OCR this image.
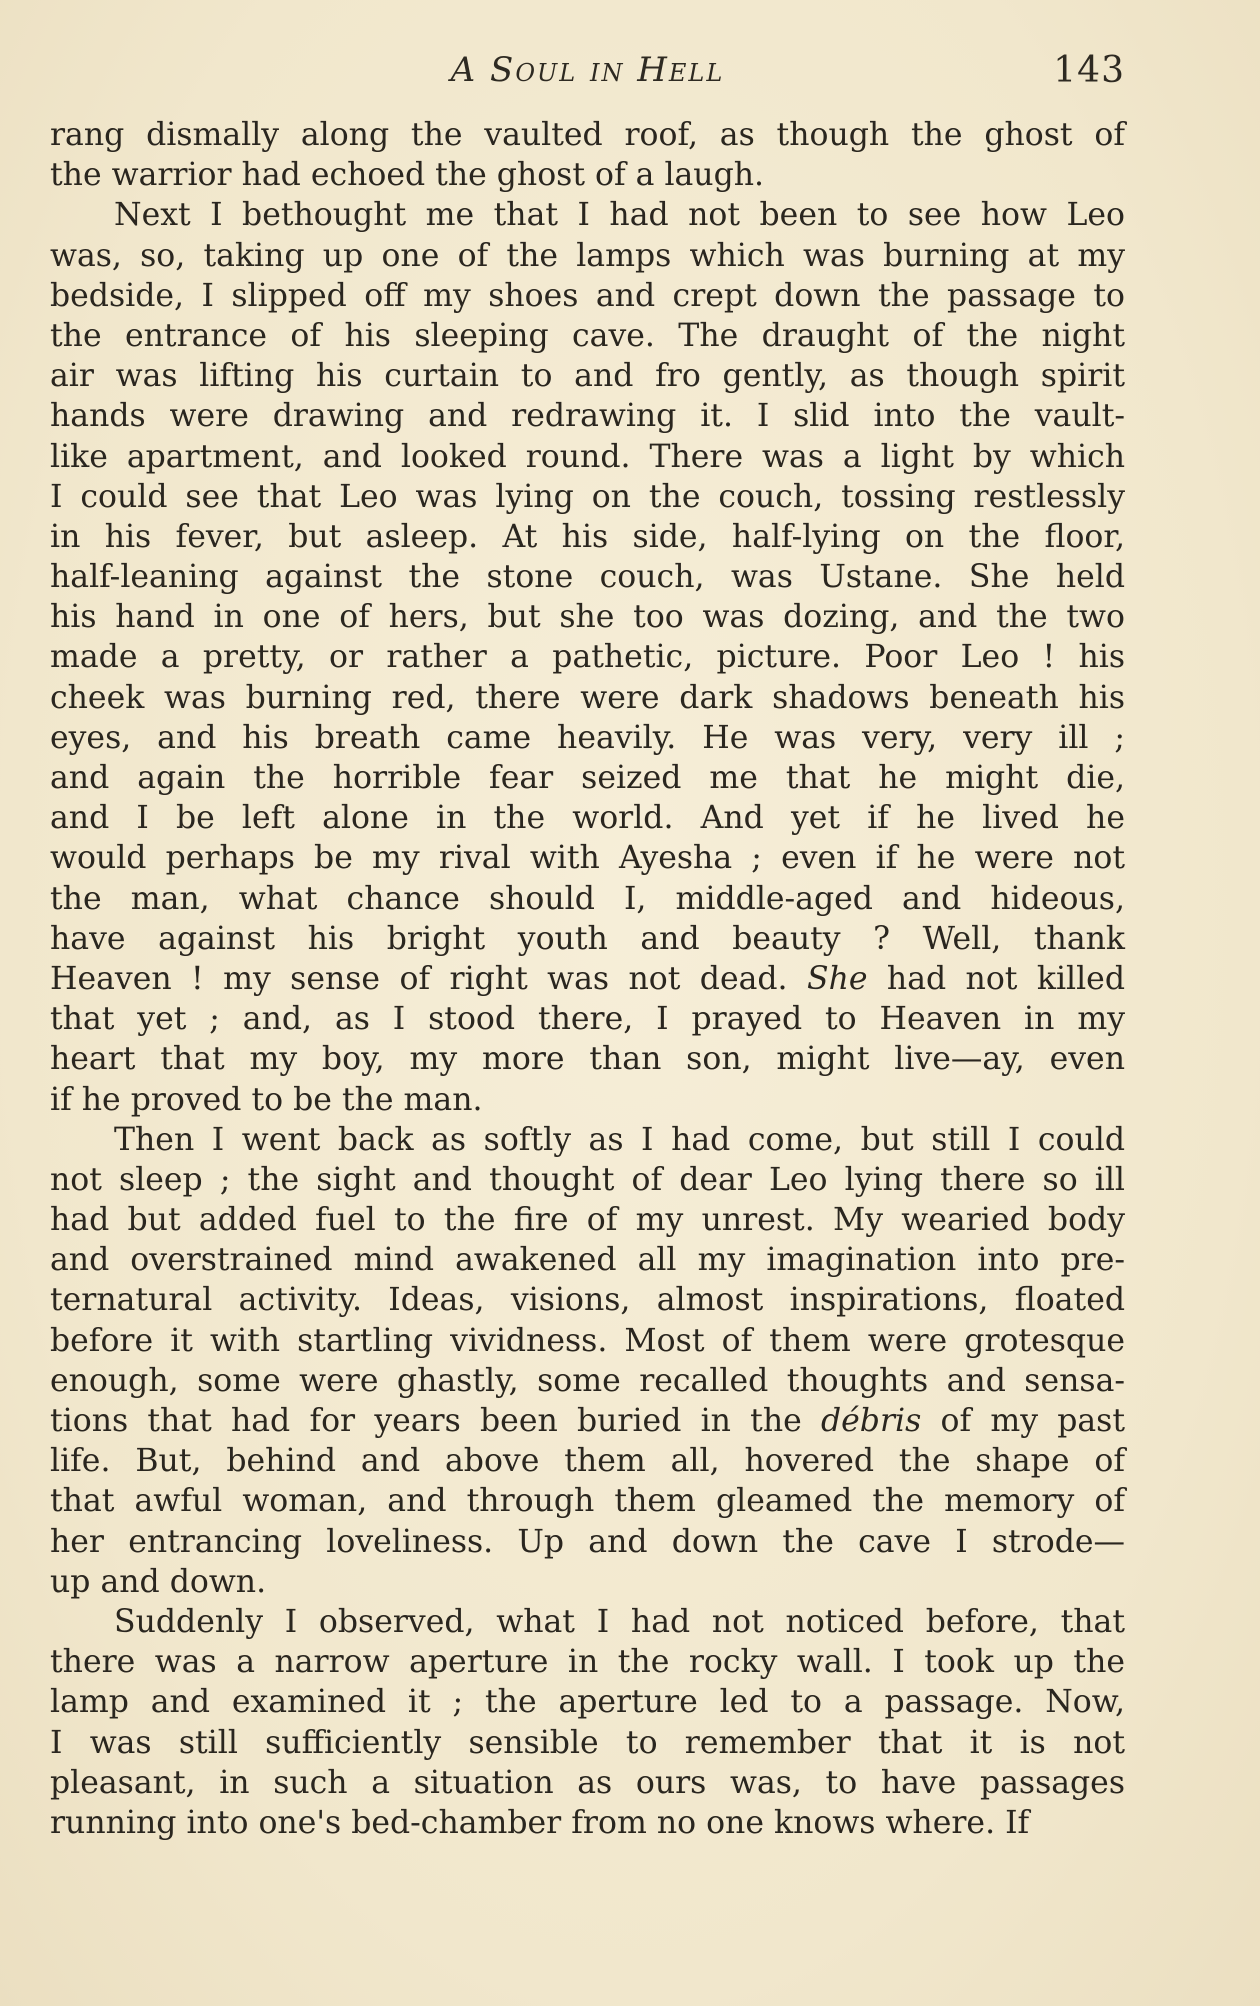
A Soul in Hell	143
rang dismally along the vaulted roof, as though the ghost of
the warrior had echoed the ghost of a laugh.
Next I bethought me that I had not been to see how Leo
was, so, taking up one of the lamps which was burning at my
bedside, I slipped off my shoes and crept down the passage to
the entrance of his sleeping cave. The draught of the night
air was lifting his curtain to and fro gently, as though spirit
hands were drawing and redrawing it. I slid into the vault-
like apartment, and looked round. There was a light by which
I could see that Leo was lying on the couch, tossing restlessly
in his fever, but asleep. At his side, half-lying on the floor,
half-leaning against the stone couch, was Ustane. She held
his hand in one of hers, but she too was dozing, and the two
made a pretty, or rather a pathetic, picture. Poor Leo ! his
cheek was burning red, there were dark shadows beneath his
eyes, and his breath came heavily. He was very, very ill ;
and again the horrible fear seized me that he might die,
and I be left alone in the world. And yet if he lived he
would perhaps be my rival with Ayesha ; even if he were not
the man, what chance should I, middle-aged and hideous,
have against his bright youth and beauty ? Well, thank
Heaven ! my sense of right was not dead. She had not killed
that yet ; and, as I stood there, I prayed to Heaven in my
heart that my boy, my more than son, might live—ay, even
if he proved to be the man.
Then I went back as softly as I had come, but still I could
not sleep ; the sight and thought of dear Leo lying there so ill
had but added fuel to the fire of my unrest. My wearied body
and overstrained mind awakened all my imagination into pre-
ternatural activity. Ideas, visions, almost inspirations, floated
before it with startling vividness. Most of them were grotesque
enough, some were ghastly, some recalled thoughts and sensa-
tions that had for years been buried in the débris of my past
life. But, behind and above them all, hovered the shape of
that awful woman, and through them gleamed the memory of
her entrancing loveliness. Up and down the cave I strode—
up and down.
Suddenly I observed, what I had not noticed before, that
there was a narrow aperture in the rocky wall. I took up the
lamp and examined it ; the aperture led to a passage. Now,
I was still sufficiently sensible to remember that it is not
pleasant, in such a situation as ours was, to have passages
running into one's bed-chamber from no one knows where. If
